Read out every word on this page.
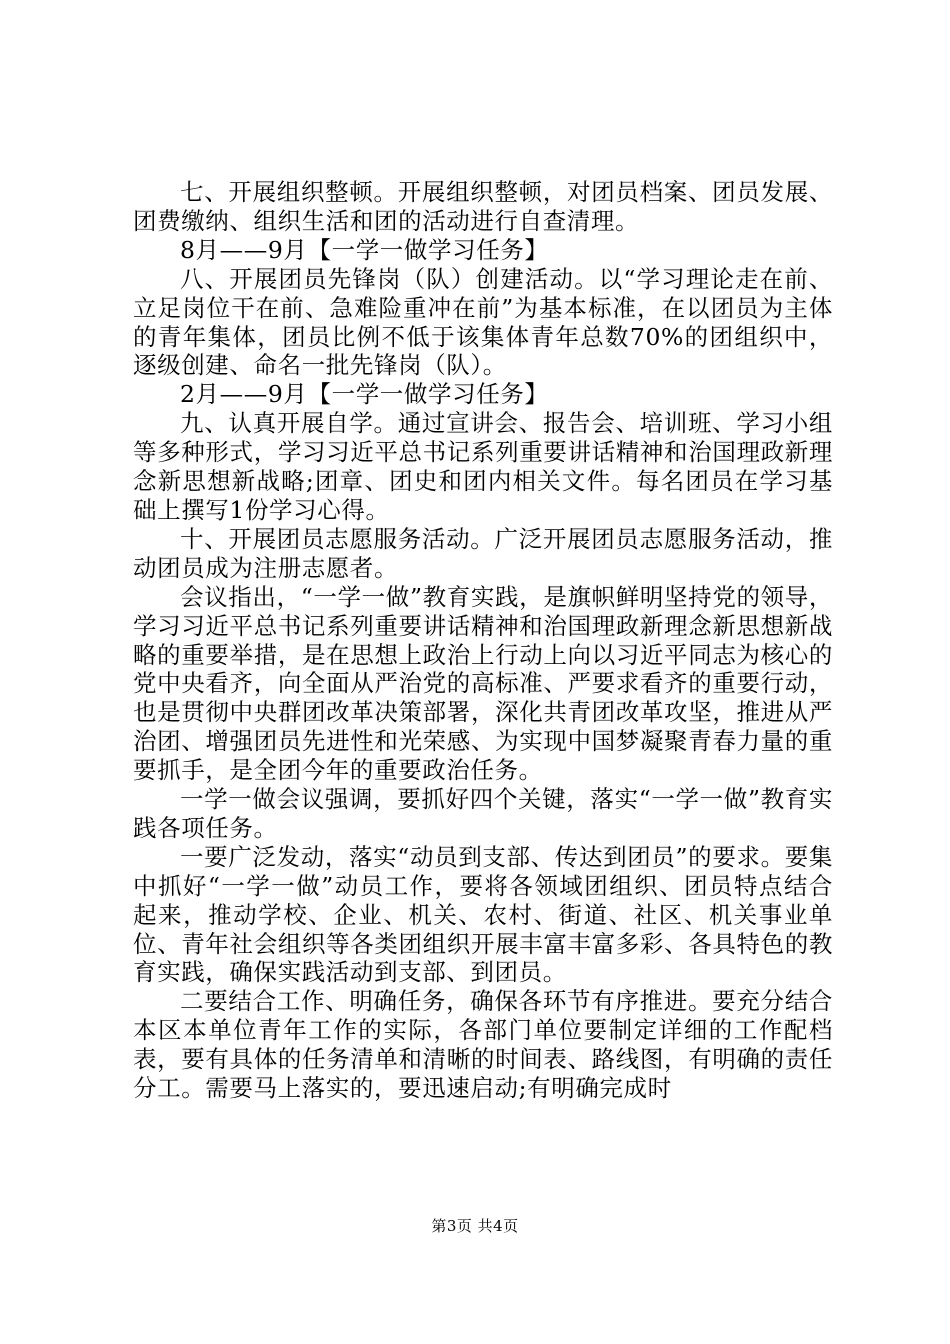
七、开展组织整顿。开展组织整顿，对团员档案、团员发展、团费缴纳、组织生活和团的活动进行自查清理。

8月——9月【一学一做学习任务】

八、开展团员先锋岗（队）创建活动。以“学习理论走在前、立足岗位干在前、急难险重冲在前”为基本标准，在以团员为主体的青年集体，团员比例不低于该集体青年总数70%的团组织中，逐级创建、命名一批先锋岗（队）。

2月——9月【一学一做学习任务】

九、认真开展自学。通过宣讲会、报告会、培训班、学习小组等多种形式，学习习近平总书记系列重要讲话精神和治国理政新理念新思想新战略;团章、团史和团内相关文件。每名团员在学习基础上撰写1份学习心得。

十、开展团员志愿服务活动。广泛开展团员志愿服务活动，推动团员成为注册志愿者。

会议指出，“一学一做”教育实践，是旗帜鲜明坚持党的领导，学习习近平总书记系列重要讲话精神和治国理政新理念新思想新战略的重要举措，是在思想上政治上行动上向以习近平同志为核心的党中央看齐，向全面从严治党的高标准、严要求看齐的重要行动，也是贯彻中央群团改革决策部署，深化共青团改革攻坚，推进从严治团、增强团员先进性和光荣感、为实现中国梦凝聚青春力量的重要抓手，是全团今年的重要政治任务。

一学一做会议强调，要抓好四个关键，落实“一学一做”教育实践各项任务。

一要广泛发动，落实“动员到支部、传达到团员”的要求。要集中抓好“一学一做”动员工作，要将各领域团组织、团员特点结合起来，推动学校、企业、机关、农村、街道、社区、机关事业单位、青年社会组织等各类团组织开展丰富丰富多彩、各具特色的教育实践，确保实践活动到支部、到团员。

二要结合工作、明确任务，确保各环节有序推进。要充分结合本区本单位青年工作的实际，各部门单位要制定详细的工作配档表，要有具体的任务清单和清晰的时间表、路线图，有明确的责任分工。需要马上落实的，要迅速启动;有明确完成时

第3页 共4页
